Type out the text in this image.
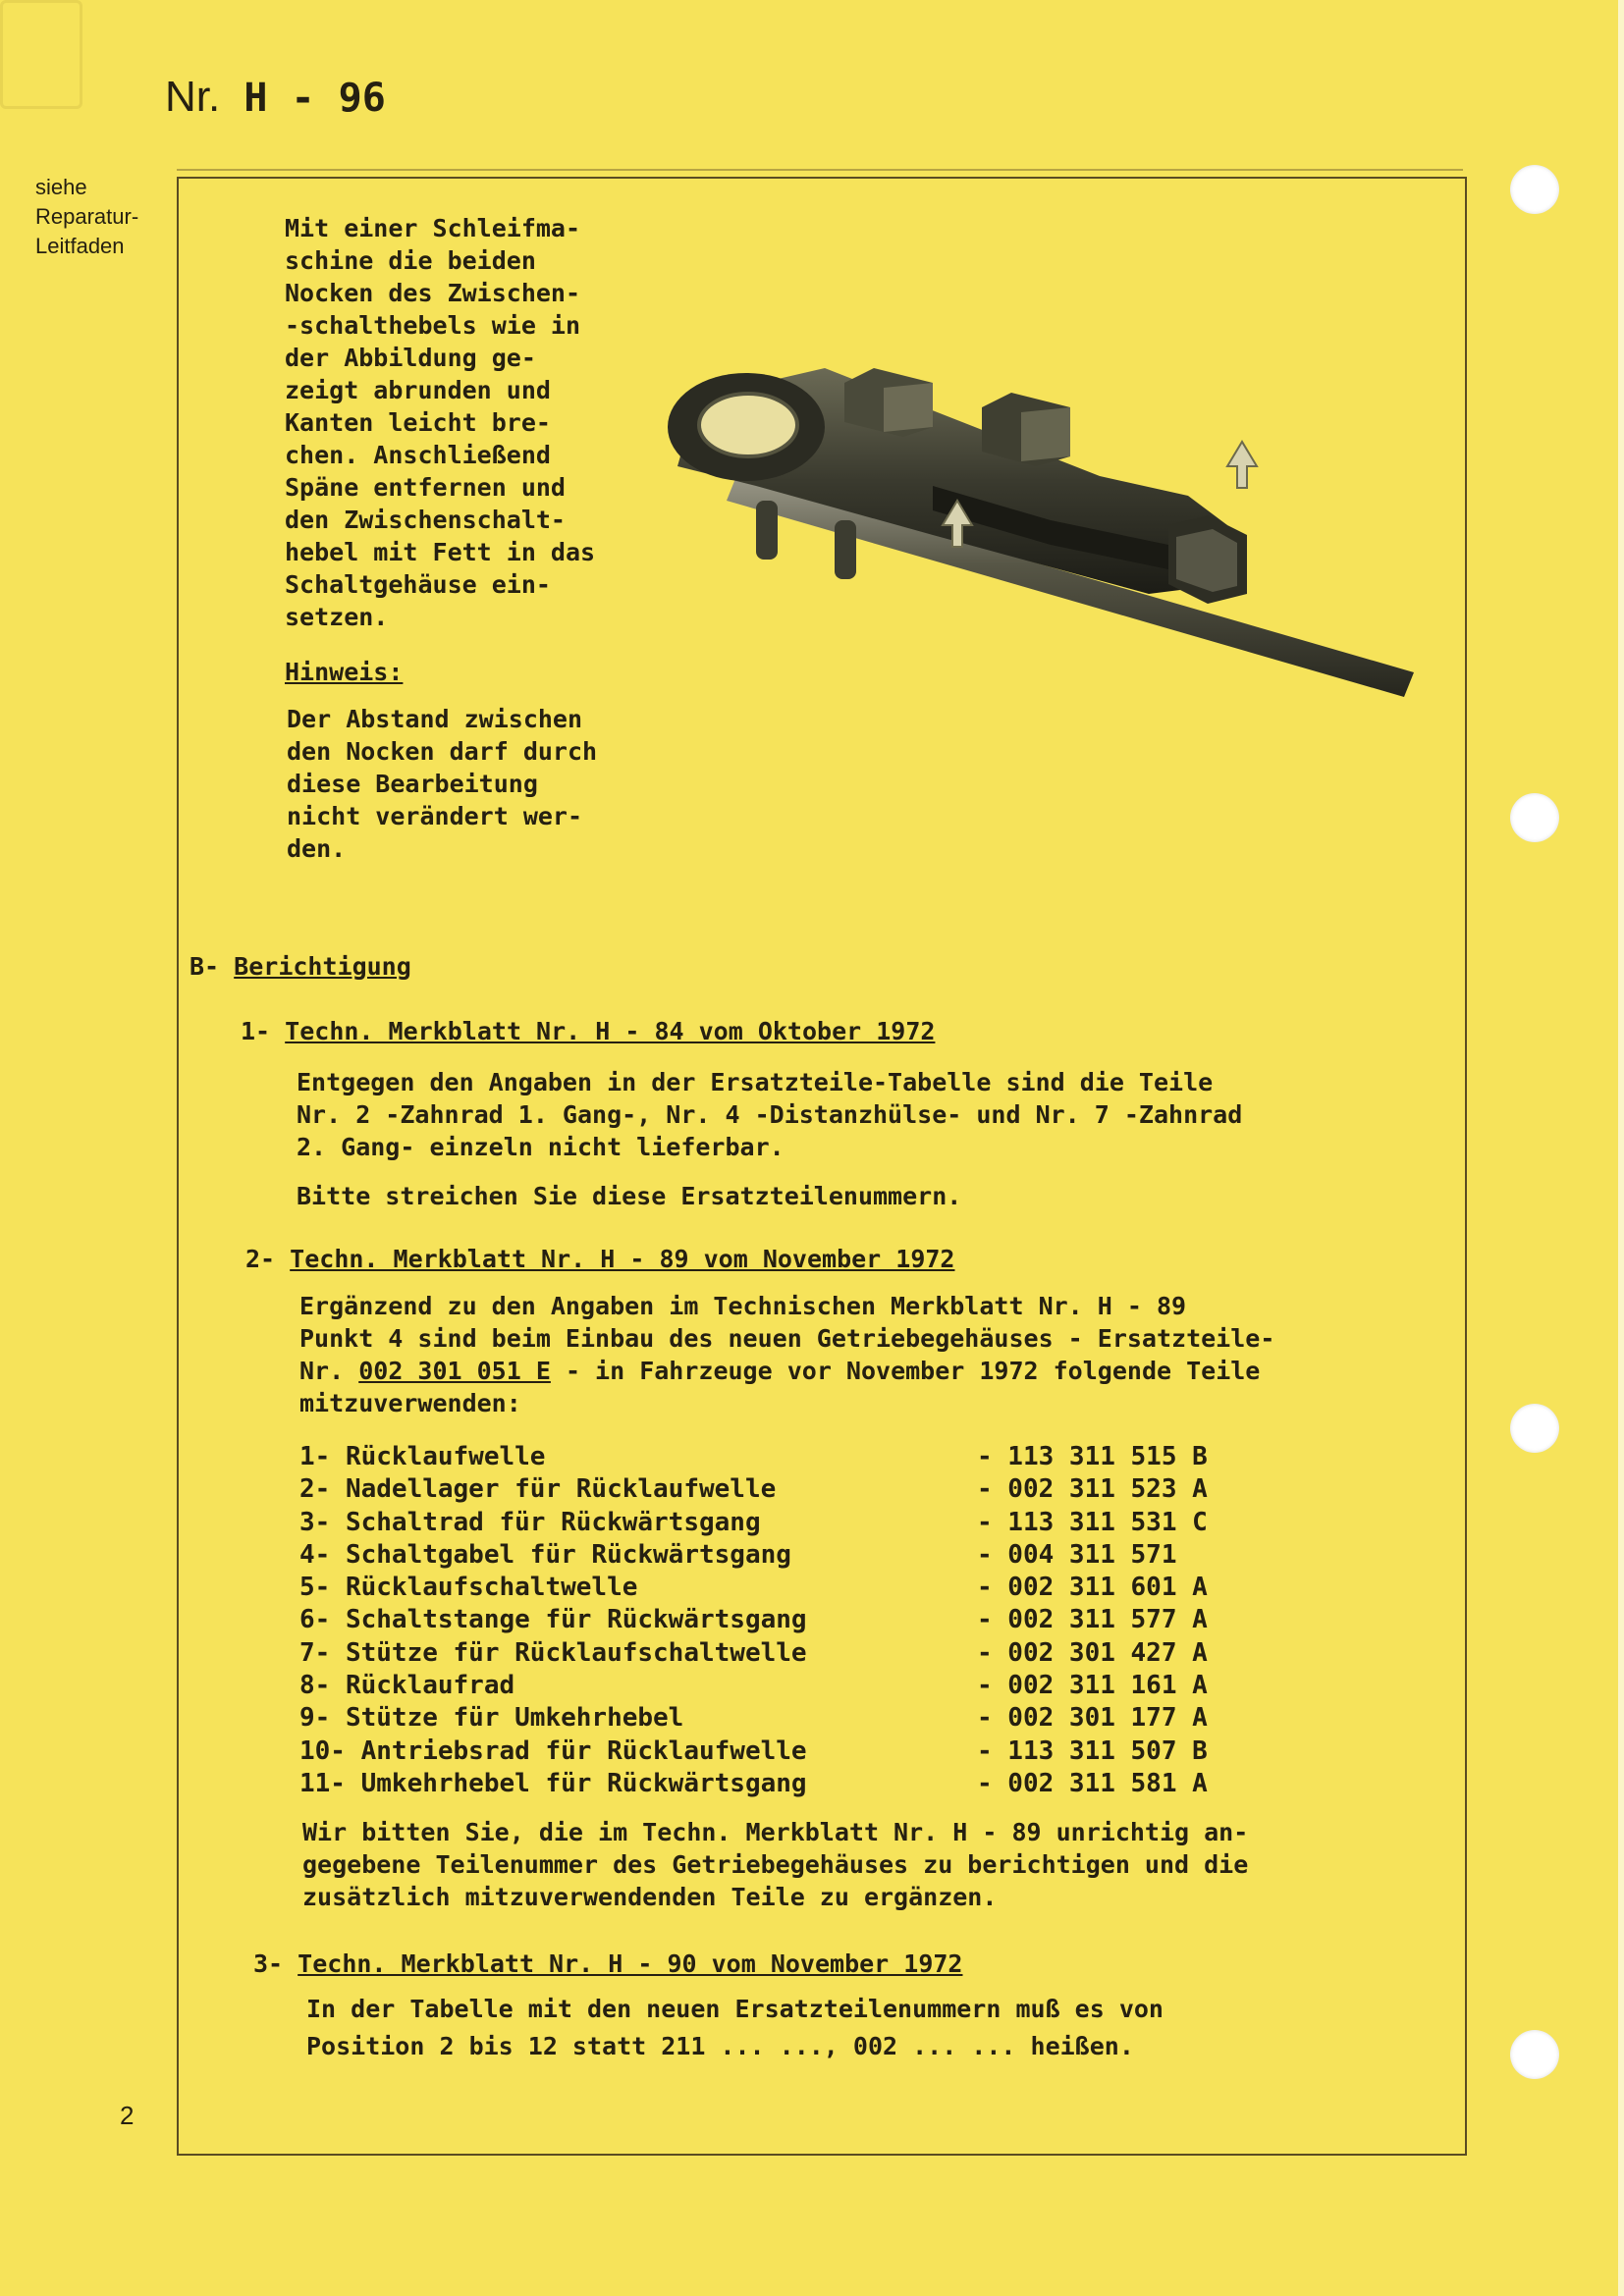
Nr. H - 96
siehe
Reparatur-
Leitfaden

Mit einer Schleifma-
schine die beiden
Nocken des Zwischen-
-schalthebels wie in
der Abbildung ge-
zeigt abrunden und
Kanten leicht bre-
chen. Anschließend
Späne entfernen und
den Zwischenschalt-
hebel mit Fett in das
Schaltgehäuse ein-
setzen.

Hinweis:

Der Abstand zwischen
den Nocken darf durch
diese Bearbeitung
nicht verändert wer-
den.

B- Berichtigung
1- Techn. Merkblatt Nr. H - 84 vom Oktober 1972

Entgegen den Angaben in der Ersatzteile-Tabelle sind die Teile
Nr. 2 -Zahnrad 1. Gang-, Nr. 4 -Distanzhülse- und Nr. 7 -Zahnrad
2. Gang- einzeln nicht lieferbar.

Bitte streichen Sie diese Ersatzteilenummern.

2- Techn. Merkblatt Nr. H - 89 vom November 1972

Ergänzend zu den Angaben im Technischen Merkblatt Nr. H - 89
Punkt 4 sind beim Einbau des neuen Getriebegehäuses - Ersatzteile-
Nr. 002 301 051 E - in Fahrzeuge vor November 1972 folgende Teile
mitzuverwenden:

1- Rücklaufwelle	- 113 311 515 B
2- Nadellager für Rücklaufwelle	- 002 311 523 A
3- Schaltrad für Rückwärtsgang	- 113 311 531 C
4- Schaltgabel für Rückwärtsgang	- 004 311 571
5- Rücklaufschaltwelle	- 002 311 601 A
6- Schaltstange für Rückwärtsgang	- 002 311 577 A
7- Stütze für Rücklaufschaltwelle	- 002 301 427 A
8- Rücklaufrad	- 002 311 161 A
9- Stütze für Umkehrhebel	- 002 301 177 A
10- Antriebsrad für Rücklaufwelle	- 113 311 507 B
11- Umkehrhebel für Rückwärtsgang	- 002 311 581 A

Wir bitten Sie, die im Techn. Merkblatt Nr. H - 89 unrichtig an-
gegebene Teilenummer des Getriebegehäuses zu berichtigen und die
zusätzlich mitzuverwendenden Teile zu ergänzen.

3- Techn. Merkblatt Nr. H - 90 vom November 1972

In der Tabelle mit den neuen Ersatzteilenummern muß es von
Position 2 bis 12 statt 211 ... ..., 002 ... ... heißen.

2
